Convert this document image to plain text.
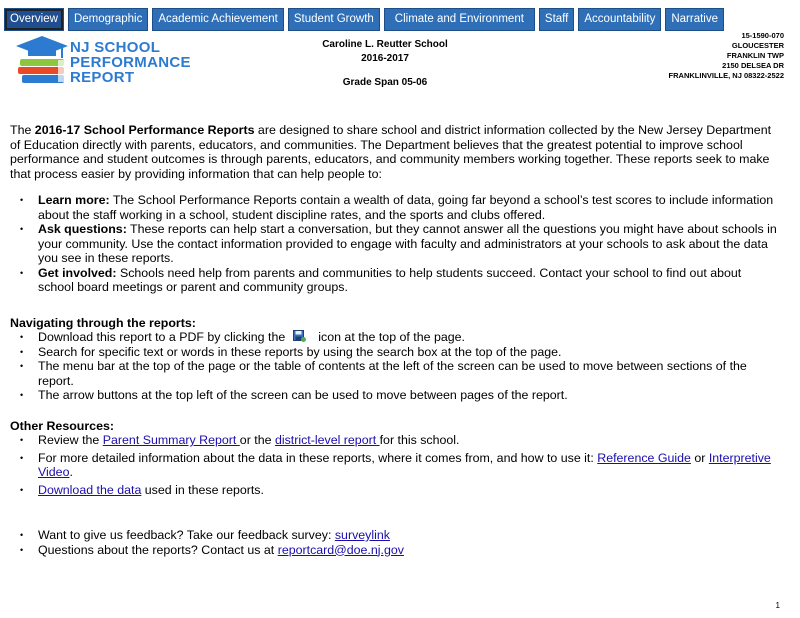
Overview	Demographic	Academic Achievement	Student Growth	Climate and Environment	Staff	Accountability	Narrative
NJ SCHOOL
PERFORMANCE
REPORT
Caroline L. Reutter School
2016-2017
Grade Span 05-06
15-1590-070
GLOUCESTER
FRANKLIN TWP
2150 DELSEA DR
FRANKLINVILLE, NJ 08322-2522

The 2016-17 School Performance Reports are designed to share school and district information collected by the New Jersey Department of Education directly with parents, educators, and communities. The Department believes that the greatest potential to improve school performance and student outcomes is through parents, educators, and community members working together. These reports seek to make that process easier by providing information that can help people to:

• Learn more: The School Performance Reports contain a wealth of data, going far beyond a school’s test scores to include information about the staff working in a school, student discipline rates, and the sports and clubs offered.
• Ask questions: These reports can help start a conversation, but they cannot answer all the questions you might have about schools in your community. Use the contact information provided to engage with faculty and administrators at your schools to ask about the data you see in these reports.
• Get involved: Schools need help from parents and communities to help students succeed. Contact your school to find out about school board meetings or parent and community groups.
Navigating through the reports:
• Download this report to a PDF by clicking the	icon at the top of the page.
• Search for specific text or words in these reports by using the search box at the top of the page.
• The menu bar at the top of the page or the table of contents at the left of the screen can be used to move between sections of the report.
• The arrow buttons at the top left of the screen can be used to move between pages of the report.
Other Resources:
• Review the Parent Summary Report or the district-level report for this school.
• For more detailed information about the data in these reports, where it comes from, and how to use it: Reference Guide or Interpretive Video.
• Download the data used in these reports.
• Want to give us feedback? Take our feedback survey: surveylink
• Questions about the reports? Contact us at reportcard@doe.nj.gov
1
